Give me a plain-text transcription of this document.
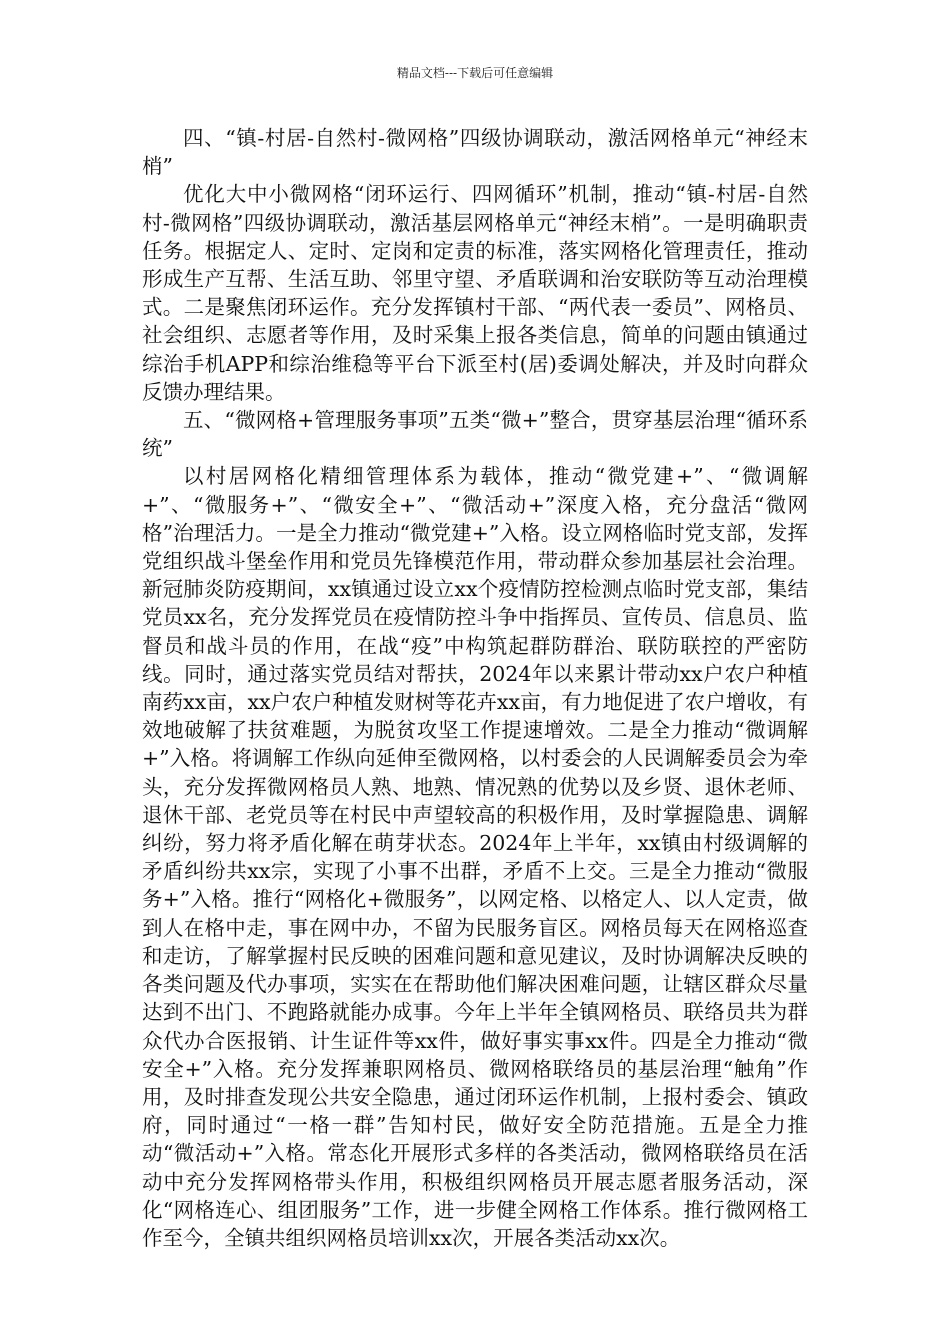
精品文档---下载后可任意编辑

四、“镇-村居-自然村-微网格”四级协调联动，激活网格单元“神经末梢”

优化大中小微网格“闭环运行、四网循环”机制，推动“镇-村居-自然村-微网格”四级协调联动，激活基层网格单元“神经末梢”。一是明确职责任务。根据定人、定时、定岗和定责的标准，落实网格化管理责任，推动形成生产互帮、生活互助、邻里守望、矛盾联调和治安联防等互动治理模式。二是聚焦闭环运作。充分发挥镇村干部、“两代表一委员”、网格员、社会组织、志愿者等作用，及时采集上报各类信息，简单的问题由镇通过综治手机APP和综治维稳等平台下派至村(居)委调处解决，并及时向群众反馈办理结果。

五、“微网格+管理服务事项”五类“微+”整合，贯穿基层治理“循环系统”

以村居网格化精细管理体系为载体，推动“微党建+”、“微调解+”、“微服务+”、“微安全+”、“微活动+”深度入格，充分盘活“微网格”治理活力。一是全力推动“微党建+”入格。设立网格临时党支部，发挥党组织战斗堡垒作用和党员先锋模范作用，带动群众参加基层社会治理。新冠肺炎防疫期间，xx镇通过设立xx个疫情防控检测点临时党支部，集结党员xx名，充分发挥党员在疫情防控斗争中指挥员、宣传员、信息员、监督员和战斗员的作用，在战“疫”中构筑起群防群治、联防联控的严密防线。同时，通过落实党员结对帮扶，2024年以来累计带动xx户农户种植南药xx亩，xx户农户种植发财树等花卉xx亩，有力地促进了农户增收，有效地破解了扶贫难题，为脱贫攻坚工作提速增效。二是全力推动“微调解+”入格。将调解工作纵向延伸至微网格，以村委会的人民调解委员会为牵头，充分发挥微网格员人熟、地熟、情况熟的优势以及乡贤、退休老师、退休干部、老党员等在村民中声望较高的积极作用，及时掌握隐患、调解纠纷，努力将矛盾化解在萌芽状态。2024年上半年，xx镇由村级调解的矛盾纠纷共xx宗，实现了小事不出群，矛盾不上交。三是全力推动“微服务+”入格。推行“网格化+微服务”，以网定格、以格定人、以人定责，做到人在格中走，事在网中办，不留为民服务盲区。网格员每天在网格巡查和走访，了解掌握村民反映的困难问题和意见建议，及时协调解决反映的各类问题及代办事项，实实在在帮助他们解决困难问题，让辖区群众尽量达到不出门、不跑路就能办成事。今年上半年全镇网格员、联络员共为群众代办合医报销、计生证件等xx件，做好事实事xx件。四是全力推动“微安全+”入格。充分发挥兼职网格员、微网格联络员的基层治理“触角”作用，及时排查发现公共安全隐患，通过闭环运作机制，上报村委会、镇政府，同时通过“一格一群”告知村民，做好安全防范措施。五是全力推动“微活动+”入格。常态化开展形式多样的各类活动，微网格联络员在活动中充分发挥网格带头作用，积极组织网格员开展志愿者服务活动，深化“网格连心、组团服务”工作，进一步健全网格工作体系。推行微网格工作至今，全镇共组织网格员培训xx次，开展各类活动xx次。
